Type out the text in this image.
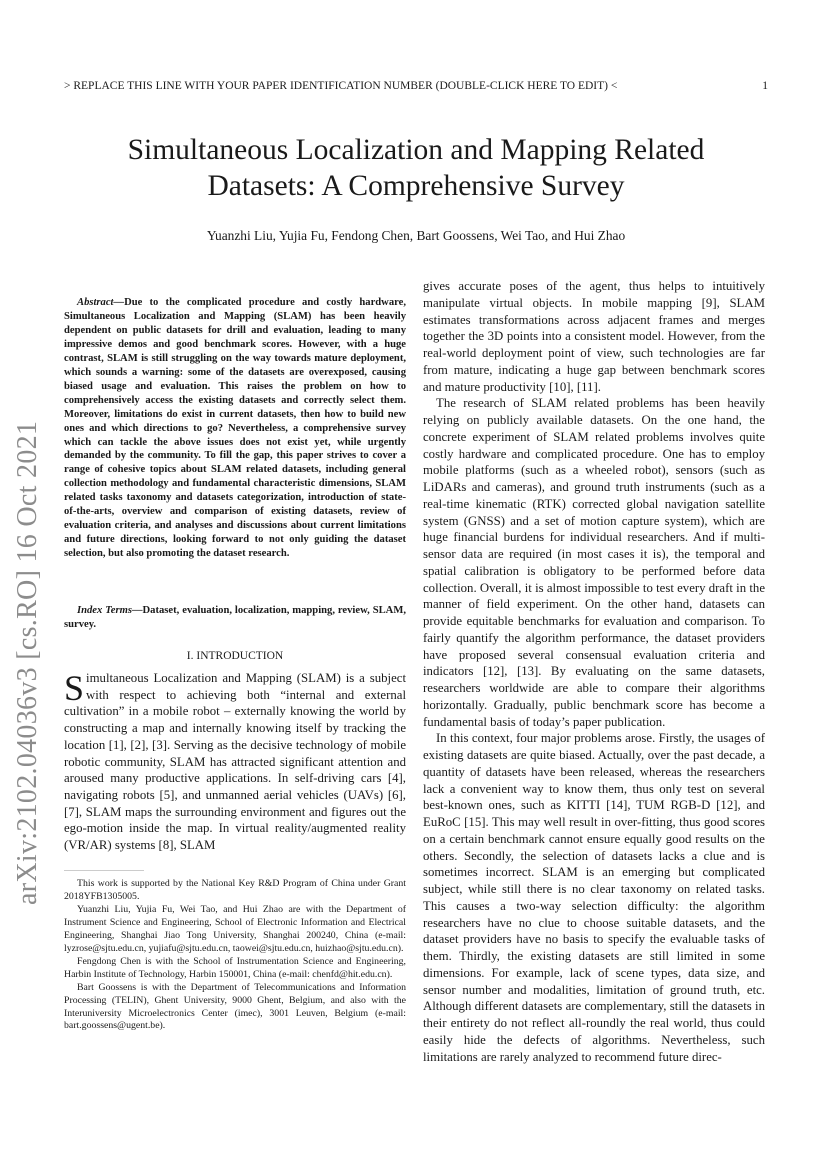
> REPLACE THIS LINE WITH YOUR PAPER IDENTIFICATION NUMBER (DOUBLE-CLICK HERE TO EDIT) <	1
arXiv:2102.04036v3 [cs.RO] 16 Oct 2021
Simultaneous Localization and Mapping Related
Datasets: A Comprehensive Survey
Yuanzhi Liu, Yujia Fu, Fendong Chen, Bart Goossens, Wei Tao, and Hui Zhao

Abstract—Due to the complicated procedure and costly hardware, Simultaneous Localization and Mapping (SLAM) has been heavily dependent on public datasets for drill and evaluation, leading to many impressive demos and good benchmark scores. However, with a huge contrast, SLAM is still struggling on the way towards mature deployment, which sounds a warning: some of the datasets are overexposed, causing biased usage and evaluation. This raises the problem on how to comprehensively access the existing datasets and correctly select them. Moreover, limitations do exist in current datasets, then how to build new ones and which directions to go? Nevertheless, a comprehensive survey which can tackle the above issues does not exist yet, while urgently demanded by the community. To fill the gap, this paper strives to cover a range of cohesive topics about SLAM related datasets, including general collection methodology and fundamental characteristic dimensions, SLAM related tasks taxonomy and datasets categorization, introduction of state-of-the-arts, overview and comparison of existing datasets, review of evaluation criteria, and analyses and discussions about current limitations and future directions, looking forward to not only guiding the dataset selection, but also promoting the dataset research.

Index Terms—Dataset, evaluation, localization, mapping, review, SLAM, survey.

I. INTRODUCTION

Simultaneous Localization and Mapping (SLAM) is a subject with respect to achieving both “internal and external cultivation” in a mobile robot – externally knowing the world by constructing a map and internally knowing itself by tracking the location [1], [2], [3]. Serving as the decisive technology of mobile robotic community, SLAM has attracted significant attention and aroused many productive applications. In self-driving cars [4], navigating robots [5], and unmanned aerial vehicles (UAVs) [6], [7], SLAM maps the surrounding environment and figures out the ego-motion inside the map. In virtual reality/augmented reality (VR/AR) systems [8], SLAM

This work is supported by the National Key R&D Program of China under Grant 2018YFB1305005.

Yuanzhi Liu, Yujia Fu, Wei Tao, and Hui Zhao are with the Department of Instrument Science and Engineering, School of Electronic Information and Electrical Engineering, Shanghai Jiao Tong University, Shanghai 200240, China (e-mail: lyzrose@sjtu.edu.cn, yujiafu@sjtu.edu.cn, taowei@sjtu.edu.cn, huizhao@sjtu.edu.cn).

Fengdong Chen is with the School of Instrumentation Science and Engineering, Harbin Institute of Technology, Harbin 150001, China (e-mail: chenfd@hit.edu.cn).

Bart Goossens is with the Department of Telecommunications and Information Processing (TELIN), Ghent University, 9000 Ghent, Belgium, and also with the Interuniversity Microelectronics Center (imec), 3001 Leuven, Belgium (e-mail: bart.goossens@ugent.be).

gives accurate poses of the agent, thus helps to intuitively manipulate virtual objects. In mobile mapping [9], SLAM estimates transformations across adjacent frames and merges together the 3D points into a consistent model. However, from the real-world deployment point of view, such technologies are far from mature, indicating a huge gap between benchmark scores and mature productivity [10], [11].

The research of SLAM related problems has been heavily relying on publicly available datasets. On the one hand, the concrete experiment of SLAM related problems involves quite costly hardware and complicated procedure. One has to employ mobile platforms (such as a wheeled robot), sensors (such as LiDARs and cameras), and ground truth instruments (such as a real-time kinematic (RTK) corrected global navigation satellite system (GNSS) and a set of motion capture system), which are huge financial burdens for individual researchers. And if multi-sensor data are required (in most cases it is), the temporal and spatial calibration is obligatory to be performed before data collection. Overall, it is almost impossible to test every draft in the manner of field experiment. On the other hand, datasets can provide equitable benchmarks for evaluation and comparison. To fairly quantify the algorithm performance, the dataset providers have proposed several consensual evaluation criteria and indicators [12], [13]. By evaluating on the same datasets, researchers worldwide are able to compare their algorithms horizontally. Gradually, public benchmark score has become a fundamental basis of today’s paper publication.

In this context, four major problems arose. Firstly, the usages of existing datasets are quite biased. Actually, over the past decade, a quantity of datasets have been released, whereas the researchers lack a convenient way to know them, thus only test on several best-known ones, such as KITTI [14], TUM RGB-D [12], and EuRoC [15]. This may well result in over-fitting, thus good scores on a certain benchmark cannot ensure equally good results on the others. Secondly, the selection of datasets lacks a clue and is sometimes incorrect. SLAM is an emerging but complicated subject, while still there is no clear taxonomy on related tasks. This causes a two-way selection difficulty: the algorithm researchers have no clue to choose suitable datasets, and the dataset providers have no basis to specify the evaluable tasks of them. Thirdly, the existing datasets are still limited in some dimensions. For example, lack of scene types, data size, and sensor number and modalities, limitation of ground truth, etc. Although different datasets are complementary, still the datasets in their entirety do not reflect all-roundly the real world, thus could easily hide the defects of algorithms. Nevertheless, such limitations are rarely analyzed to recommend future direc-
